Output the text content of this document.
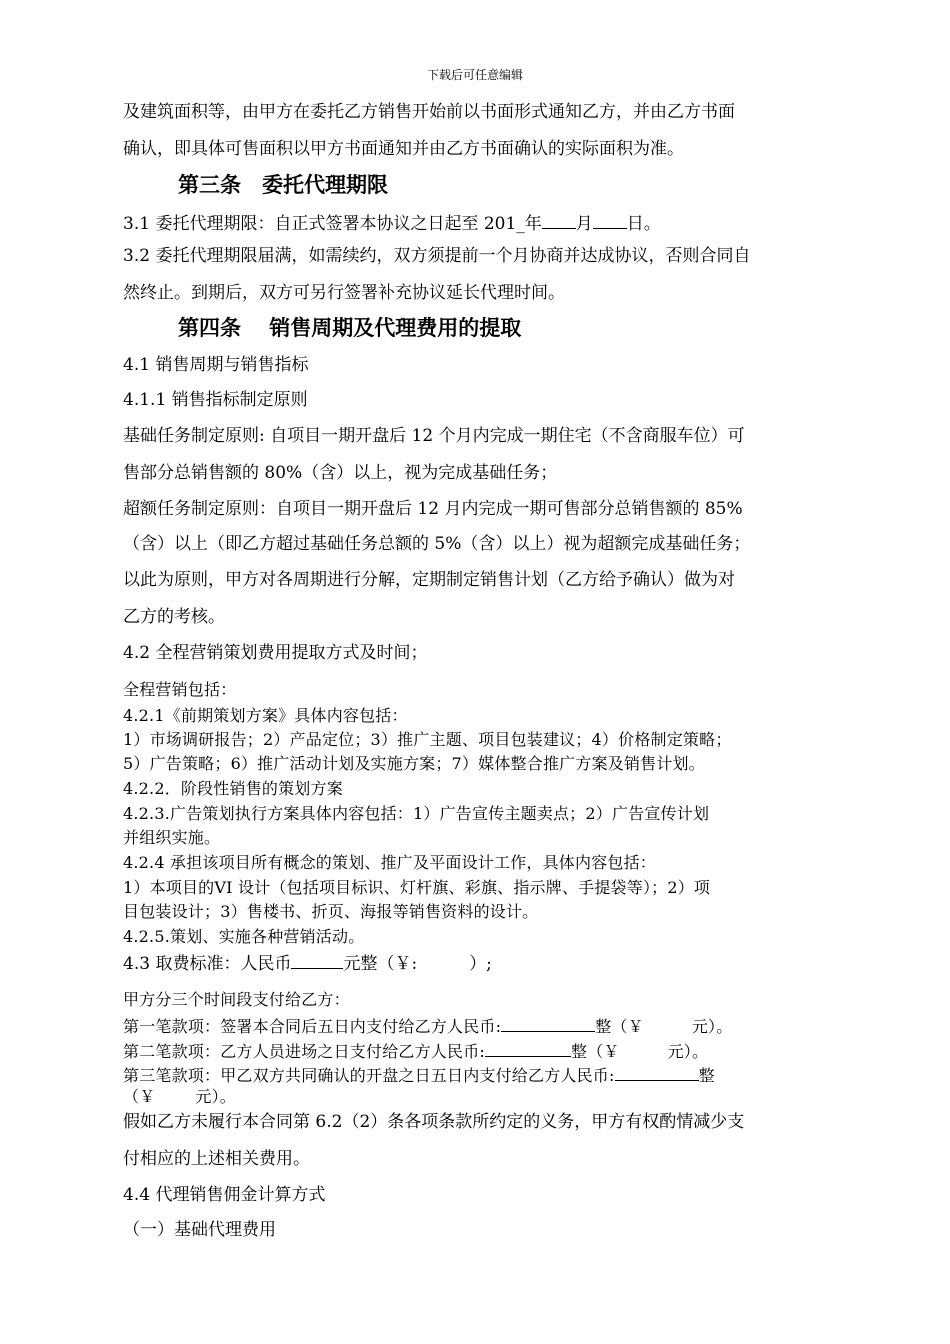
下载后可任意编辑
及建筑面积等，由甲方在委托乙方销售开始前以书面形式通知乙方，并由乙方书面
确认，即具体可售面积以甲方书面通知并由乙方书面确认的实际面积为准。
第三条　委托代理期限
3.1 委托代理期限：自正式签署本协议之日起至 201_年 月 日。
3.2 委托代理期限届满，如需续约，双方须提前一个月协商并达成协议，否则合同自
然终止。到期后，双方可另行签署补充协议延长代理时间。
第四条　 销售周期及代理费用的提取
4.1 销售周期与销售指标
4.1.1 销售指标制定原则
基础任务制定原则: 自项目一期开盘后 12 个月内完成一期住宅（不含商服车位）可
售部分总销售额的 80%（含）以上，视为完成基础任务；
超额任务制定原则：自项目一期开盘后 12 月内完成一期可售部分总销售额的 85%
（含）以上（即乙方超过基础任务总额的 5%（含）以上）视为超额完成基础任务；
以此为原则，甲方对各周期进行分解，定期制定销售计划（乙方给予确认）做为对
乙方的考核。
4.2 全程营销策划费用提取方式及时间；
全程营销包括：
4.2.1《前期策划方案》具体内容包括：
1）市场调研报告；2）产品定位；3）推广主题、项目包装建议；4）价格制定策略；
5）广告策略；6）推广活动计划及实施方案；7）媒体整合推广方案及销售计划。
4.2.2．阶段性销售的策划方案
4.2.3.广告策划执行方案具体内容包括：1）广告宣传主题卖点；2）广告宣传计划
并组织实施。
4.2.4 承担该项目所有概念的策划、推广及平面设计工作，具体内容包括：
1）本项目的VI 设计（包括项目标识、灯杆旗、彩旗、指示牌、手提袋等）；2）项
目包装设计；3）售楼书、折页、海报等销售资料的设计。
4.2.5.策划、实施各种营销活动。
4.3 取费标准：人民币	元整（￥:	）;
甲方分三个时间段支付给乙方：
第一笔款项：签署本合同后五日内支付给乙方人民币:	整（￥	元）。
第二笔款项：乙方人员进场之日支付给乙方人民币:	整（￥	元）。
第三笔款项：甲乙双方共同确认的开盘之日五日内支付给乙方人民币:	整
（￥	元）。
假如乙方未履行本合同第 6.2（2）条各项条款所约定的义务，甲方有权酌情减少支
付相应的上述相关费用。
4.4 代理销售佣金计算方式
（一）基础代理费用
